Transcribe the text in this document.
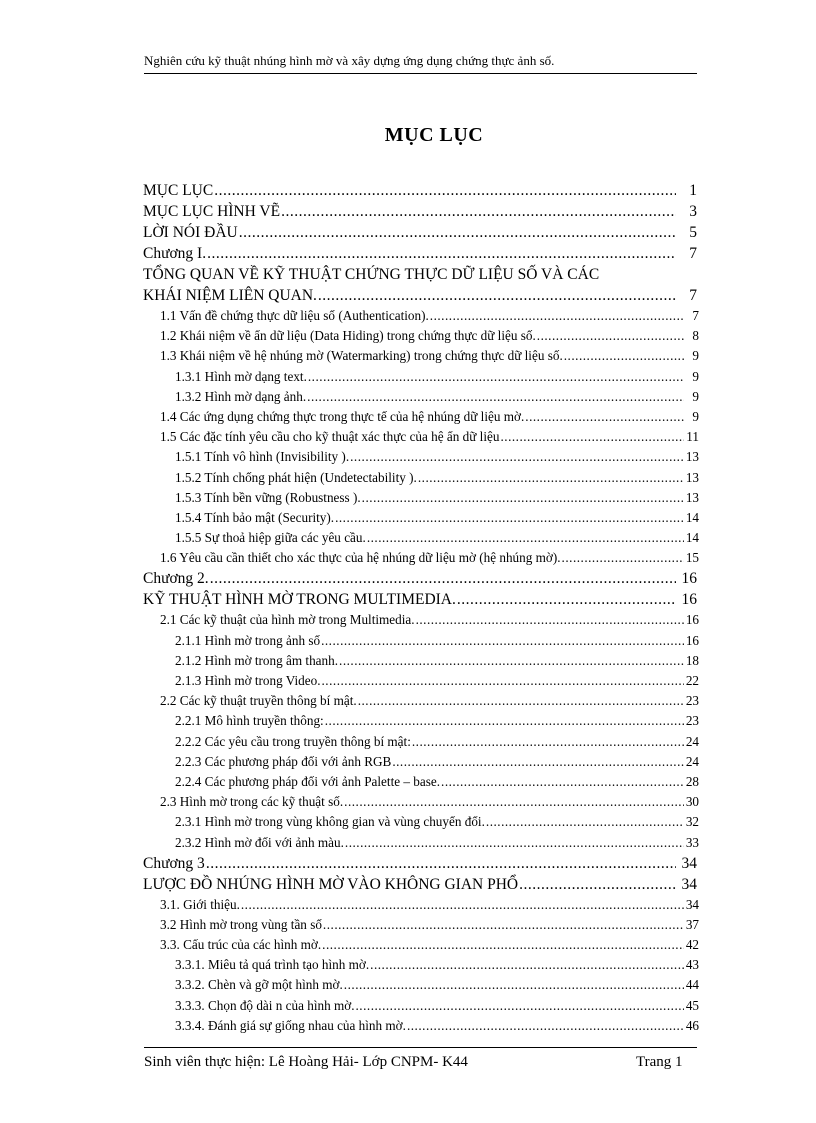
Nghiên cứu kỹ thuật nhúng hình mờ và xây dựng ứng dụng chứng thực ảnh số.
MỤC LỤC
MỤC LỤC .....	1
MỤC LỤC HÌNH VẼ .....	3
LỜI NÓI ĐẦU .....	5
Chương I. .....	7
TỔNG QUAN VỀ KỸ THUẬT CHỨNG THỰC DỮ LIỆU SỐ VÀ CÁC
KHÁI NIỆM LIÊN QUAN. .....	7
1.1 Vấn đề chứng thực dữ liệu số (Authentication). .....	7
1.2 Khái niệm về ẩn dữ liệu (Data Hiding) trong chứng thực dữ liệu số. .....	8
1.3 Khái niệm về hệ nhúng mờ (Watermarking) trong chứng thực dữ liệu số. .....	9
1.3.1 Hình mờ dạng text. .....	9
1.3.2 Hình mờ dạng ảnh. .....	9
1.4 Các ứng dụng chứng thực trong thực tế của hệ nhúng dữ liệu mờ. .....	9
1.5 Các đặc tính yêu cầu cho kỹ thuật xác thực của hệ ẩn dữ liệu .....	11
1.5.1 Tính vô hình (Invisibility ). .....	13
1.5.2 Tính chống phát hiện (Undetectability ). .....	13
1.5.3 Tính bền vững (Robustness ). .....	13
1.5.4 Tính bảo mật (Security). .....	14
1.5.5 Sự thoả hiệp giữa các yêu cầu. .....	14
1.6 Yêu cầu cần thiết cho xác thực của hệ nhúng dữ liệu mờ (hệ nhúng mờ). .....	15
Chương 2. .....	16
KỸ THUẬT HÌNH MỜ TRONG MULTIMEDIA. .....	16
2.1 Các kỹ thuật của hình mờ trong Multimedia. .....	16
2.1.1 Hình mờ trong ảnh số .....	16
2.1.2 Hình mờ trong âm thanh. .....	18
2.1.3 Hình mờ trong Video. .....	22
2.2 Các kỹ thuật truyền thông bí mật. .....	23
2.2.1 Mô hình truyền thông: .....	23
2.2.2 Các yêu cầu trong truyền thông bí mật: .....	24
2.2.3 Các phương pháp đối với ảnh RGB .....	24
2.2.4 Các phương pháp đối với ảnh Palette – base. .....	28
2.3 Hình mờ trong các kỹ thuật số. .....	30
2.3.1 Hình mờ trong vùng không gian và vùng chuyển đổi. .....	32
2.3.2 Hình mờ đối với ảnh màu. .....	33
Chương 3 .....	34
LƯỢC ĐỒ NHÚNG HÌNH MỜ VÀO KHÔNG GIAN PHỔ .....	34
3.1. Giới thiệu. .....	34
3.2 Hình mờ trong vùng tần số .....	37
3.3. Cấu trúc của các hình mờ. .....	42
3.3.1. Miêu tả quá trình tạo hình mờ. .....	43
3.3.2. Chèn và gỡ một hình mờ. .....	44
3.3.3. Chọn độ dài n của hình mờ. .....	45
3.3.4. Đánh giá sự giống nhau của hình mờ. .....	46
Sinh viên thực hiện: Lê Hoàng Hải- Lớp CNPM- K44	Trang 1
